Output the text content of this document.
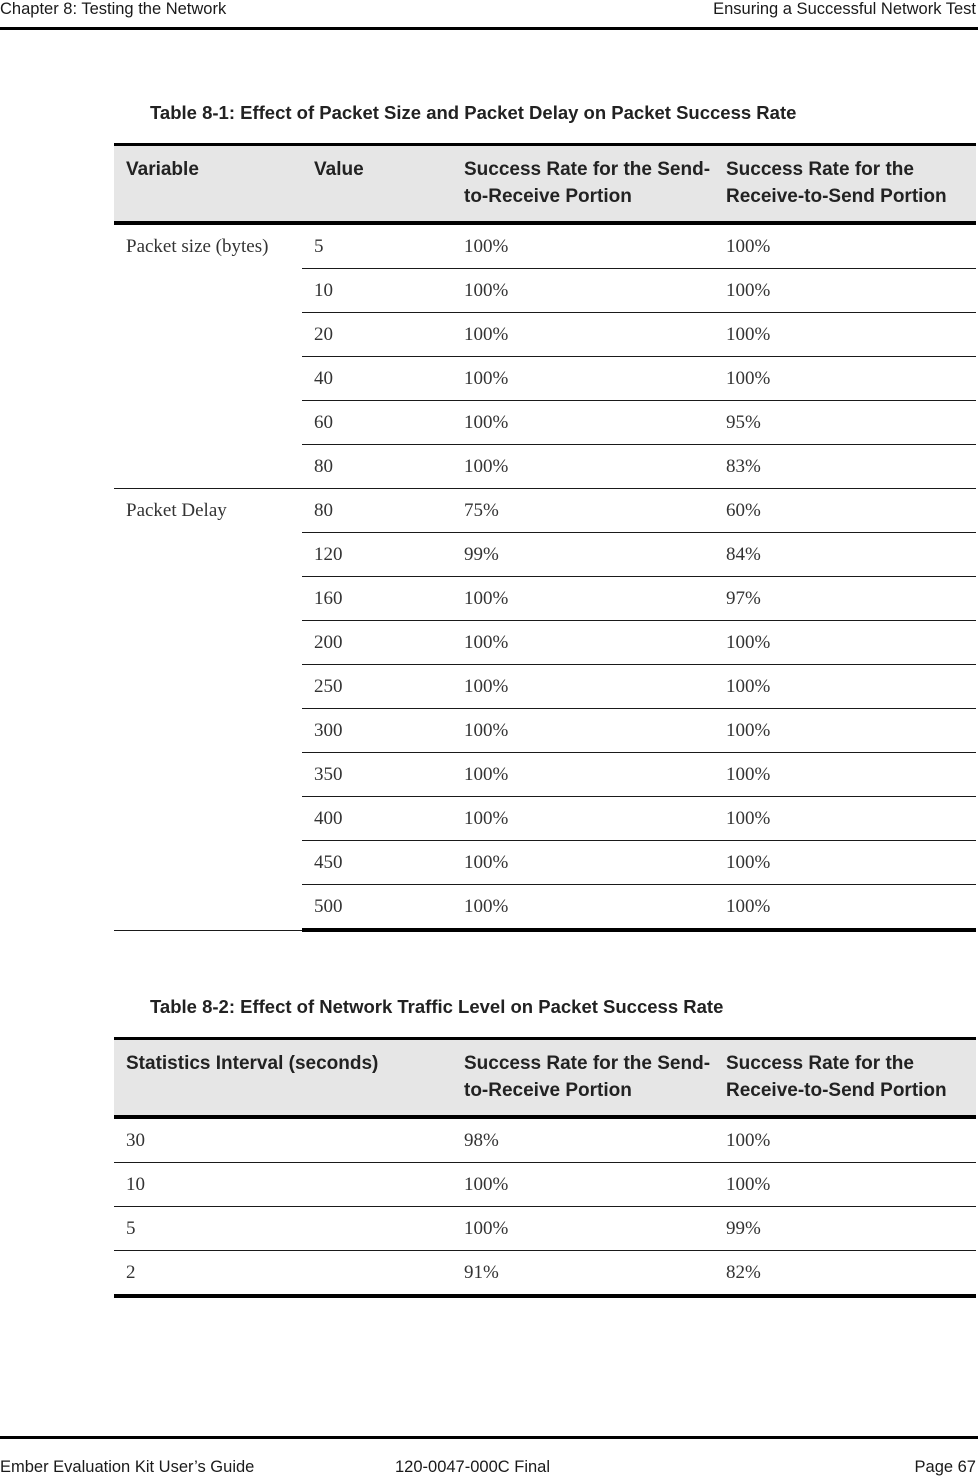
Chapter 8: Testing the Network	Ensuring a Successful Network Test
Table 8-1: Effect of Packet Size and Packet Delay on Packet Success Rate
Variable	Value	Success Rate for the Send-to-Receive Portion	Success Rate for the Receive-to-Send Portion
Packet size (bytes)	5	100%	100%
	10	100%	100%
	20	100%	100%
	40	100%	100%
	60	100%	95%
	80	100%	83%
Packet Delay	80	75%	60%
	120	99%	84%
	160	100%	97%
	200	100%	100%
	250	100%	100%
	300	100%	100%
	350	100%	100%
	400	100%	100%
	450	100%	100%
	500	100%	100%
Table 8-2: Effect of Network Traffic Level on Packet Success Rate
Statistics Interval (seconds)	Success Rate for the Send-to-Receive Portion	Success Rate for the Receive-to-Send Portion
30	98%	100%
10	100%	100%
5	100%	99%
2	91%	82%
Ember Evaluation Kit User’s Guide	120-0047-000C Final	Page 67
